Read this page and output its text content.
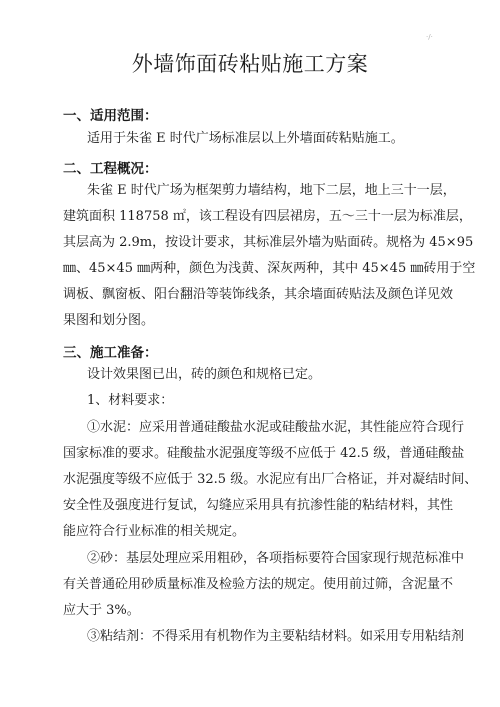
·/·
外墙饰面砖粘贴施工方案
一、适用范围：
适用于朱雀 E 时代广场标准层以上外墙面砖粘贴施工。
二、工程概况：
朱雀 E 时代广场为框架剪力墙结构，地下二层，地上三十一层，
建筑面积 118758 ㎡，该工程设有四层裙房，五～三十一层为标准层，
其层高为 2.9m，按设计要求，其标准层外墙为贴面砖。规格为 45×95
㎜、45×45 ㎜两种，颜色为浅黄、深灰两种，其中 45×45 ㎜砖用于空
调板、飘窗板、阳台翻沿等装饰线条，其余墙面砖贴法及颜色详见效
果图和划分图。
三、施工准备：
设计效果图已出，砖的颜色和规格已定。
1、材料要求：
①水泥：应采用普通硅酸盐水泥或硅酸盐水泥，其性能应符合现行
国家标准的要求。硅酸盐水泥强度等级不应低于 42.5 级，普通硅酸盐
水泥强度等级不应低于 32.5 级。水泥应有出厂合格证，并对凝结时间、
安全性及强度进行复试，勾缝应采用具有抗渗性能的粘结材料，其性
能应符合行业标准的相关规定。
②砂：基层处理应采用粗砂，各项指标要符合国家现行规范标准中
有关普通砼用砂质量标准及检验方法的规定。使用前过筛，含泥量不
应大于 3%。
③粘结剂：不得采用有机物作为主要粘结材料。如采用专用粘结剂
